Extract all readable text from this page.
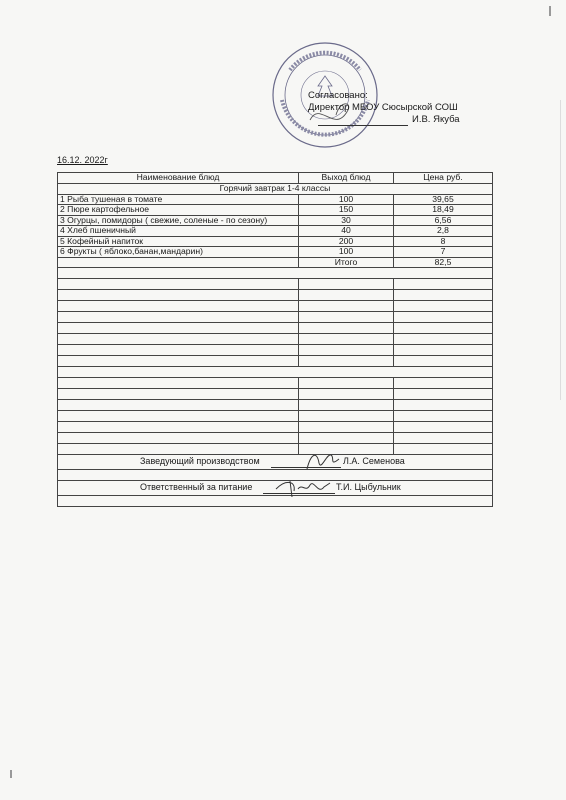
Согласовано:
Директор МБОУ Сюсырской СОШ
И.В. Якуба
16.12. 2022г
Наименование блюд	Выход блюд	Цена руб.
Горячий завтрак 1-4 классы		
1 Рыба тушеная в томате	100	39,65
2 Пюре картофельное	150	18,49
3 Огурцы, помидоры ( свежие, соленые - по сезону)	30	6,56
4 Хлеб пшеничный	40	2,8
5 Кофейный напиток	200	8
6 Фрукты ( яблоко,банан,мандарин)	100	7
	Итого	82,5

Заведующий производством Л.А. Семенова		

Ответственный за питание Т.И. Цыбульник		
